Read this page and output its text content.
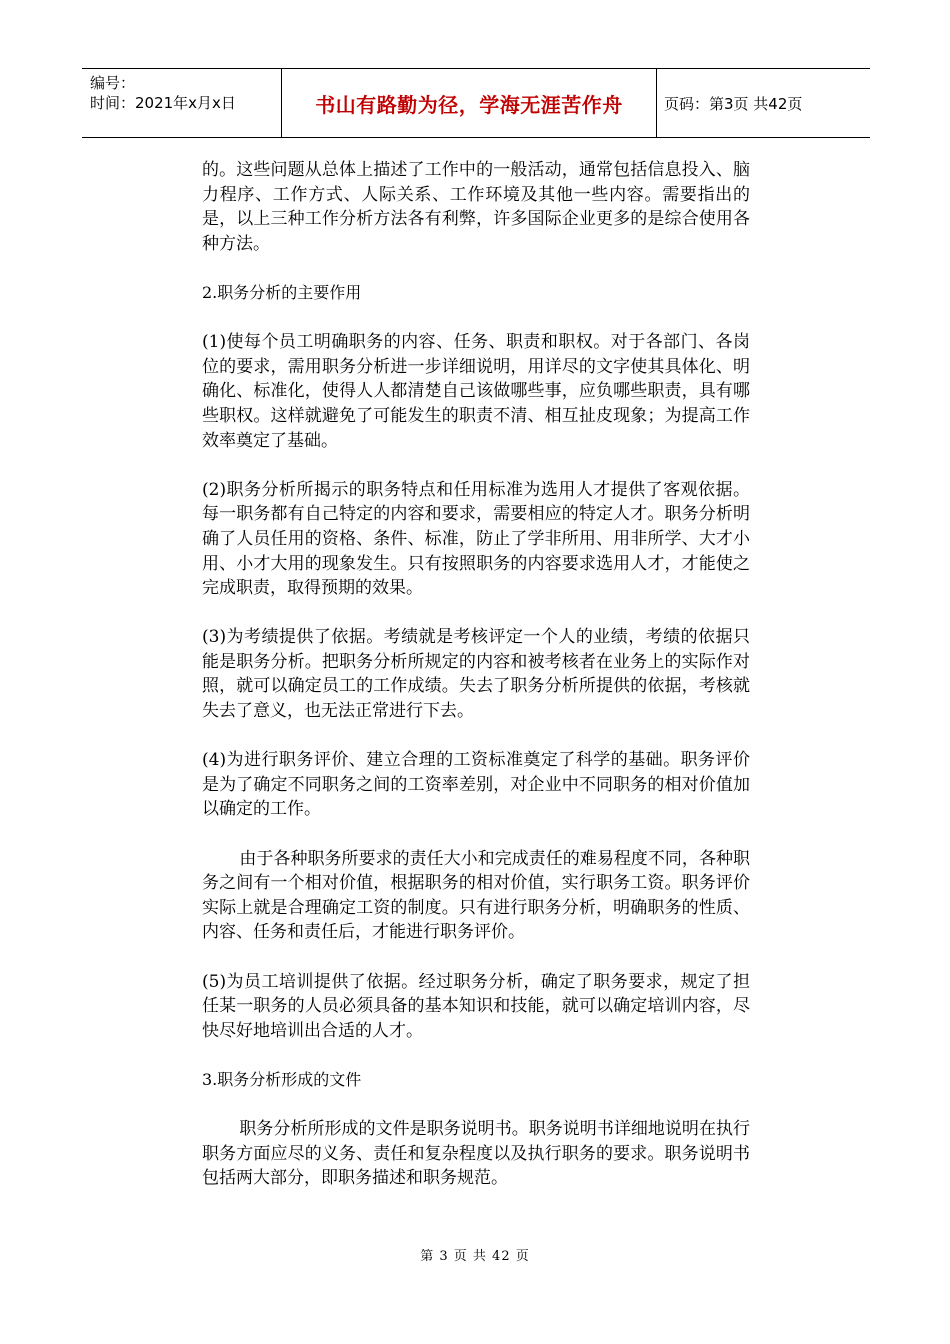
编号：
时间：2021年x月x日	书山有路勤为径，学海无涯苦作舟	页码：第3页 共42页

的。这些问题从总体上描述了工作中的一般活动，通常包括信息投入、脑力程序、工作方式、人际关系、工作环境及其他一些内容。需要指出的是，以上三种工作分析方法各有利弊，许多国际企业更多的是综合使用各种方法。

2.职务分析的主要作用

(1)使每个员工明确职务的内容、任务、职责和职权。对于各部门、各岗位的要求，需用职务分析进一步详细说明，用详尽的文字使其具体化、明确化、标准化，使得人人都清楚自己该做哪些事，应负哪些职责，具有哪些职权。这样就避免了可能发生的职责不清、相互扯皮现象；为提高工作效率奠定了基础。

(2)职务分析所揭示的职务特点和任用标准为选用人才提供了客观依据。每一职务都有自己特定的内容和要求，需要相应的特定人才。职务分析明确了人员任用的资格、条件、标准，防止了学非所用、用非所学、大才小用、小才大用的现象发生。只有按照职务的内容要求选用人才，才能使之完成职责，取得预期的效果。

(3)为考绩提供了依据。考绩就是考核评定一个人的业绩，考绩的依据只能是职务分析。把职务分析所规定的内容和被考核者在业务上的实际作对照，就可以确定员工的工作成绩。失去了职务分析所提供的依据，考核就失去了意义，也无法正常进行下去。

(4)为进行职务评价、建立合理的工资标准奠定了科学的基础。职务评价是为了确定不同职务之间的工资率差别，对企业中不同职务的相对价值加以确定的工作。

由于各种职务所要求的责任大小和完成责任的难易程度不同，各种职务之间有一个相对价值，根据职务的相对价值，实行职务工资。职务评价实际上就是合理确定工资的制度。只有进行职务分析，明确职务的性质、内容、任务和责任后，才能进行职务评价。

(5)为员工培训提供了依据。经过职务分析，确定了职务要求，规定了担任某一职务的人员必须具备的基本知识和技能，就可以确定培训内容，尽快尽好地培训出合适的人才。

3.职务分析形成的文件

职务分析所形成的文件是职务说明书。职务说明书详细地说明在执行职务方面应尽的义务、责任和复杂程度以及执行职务的要求。职务说明书包括两大部分，即职务描述和职务规范。

第 3 页 共 42 页
